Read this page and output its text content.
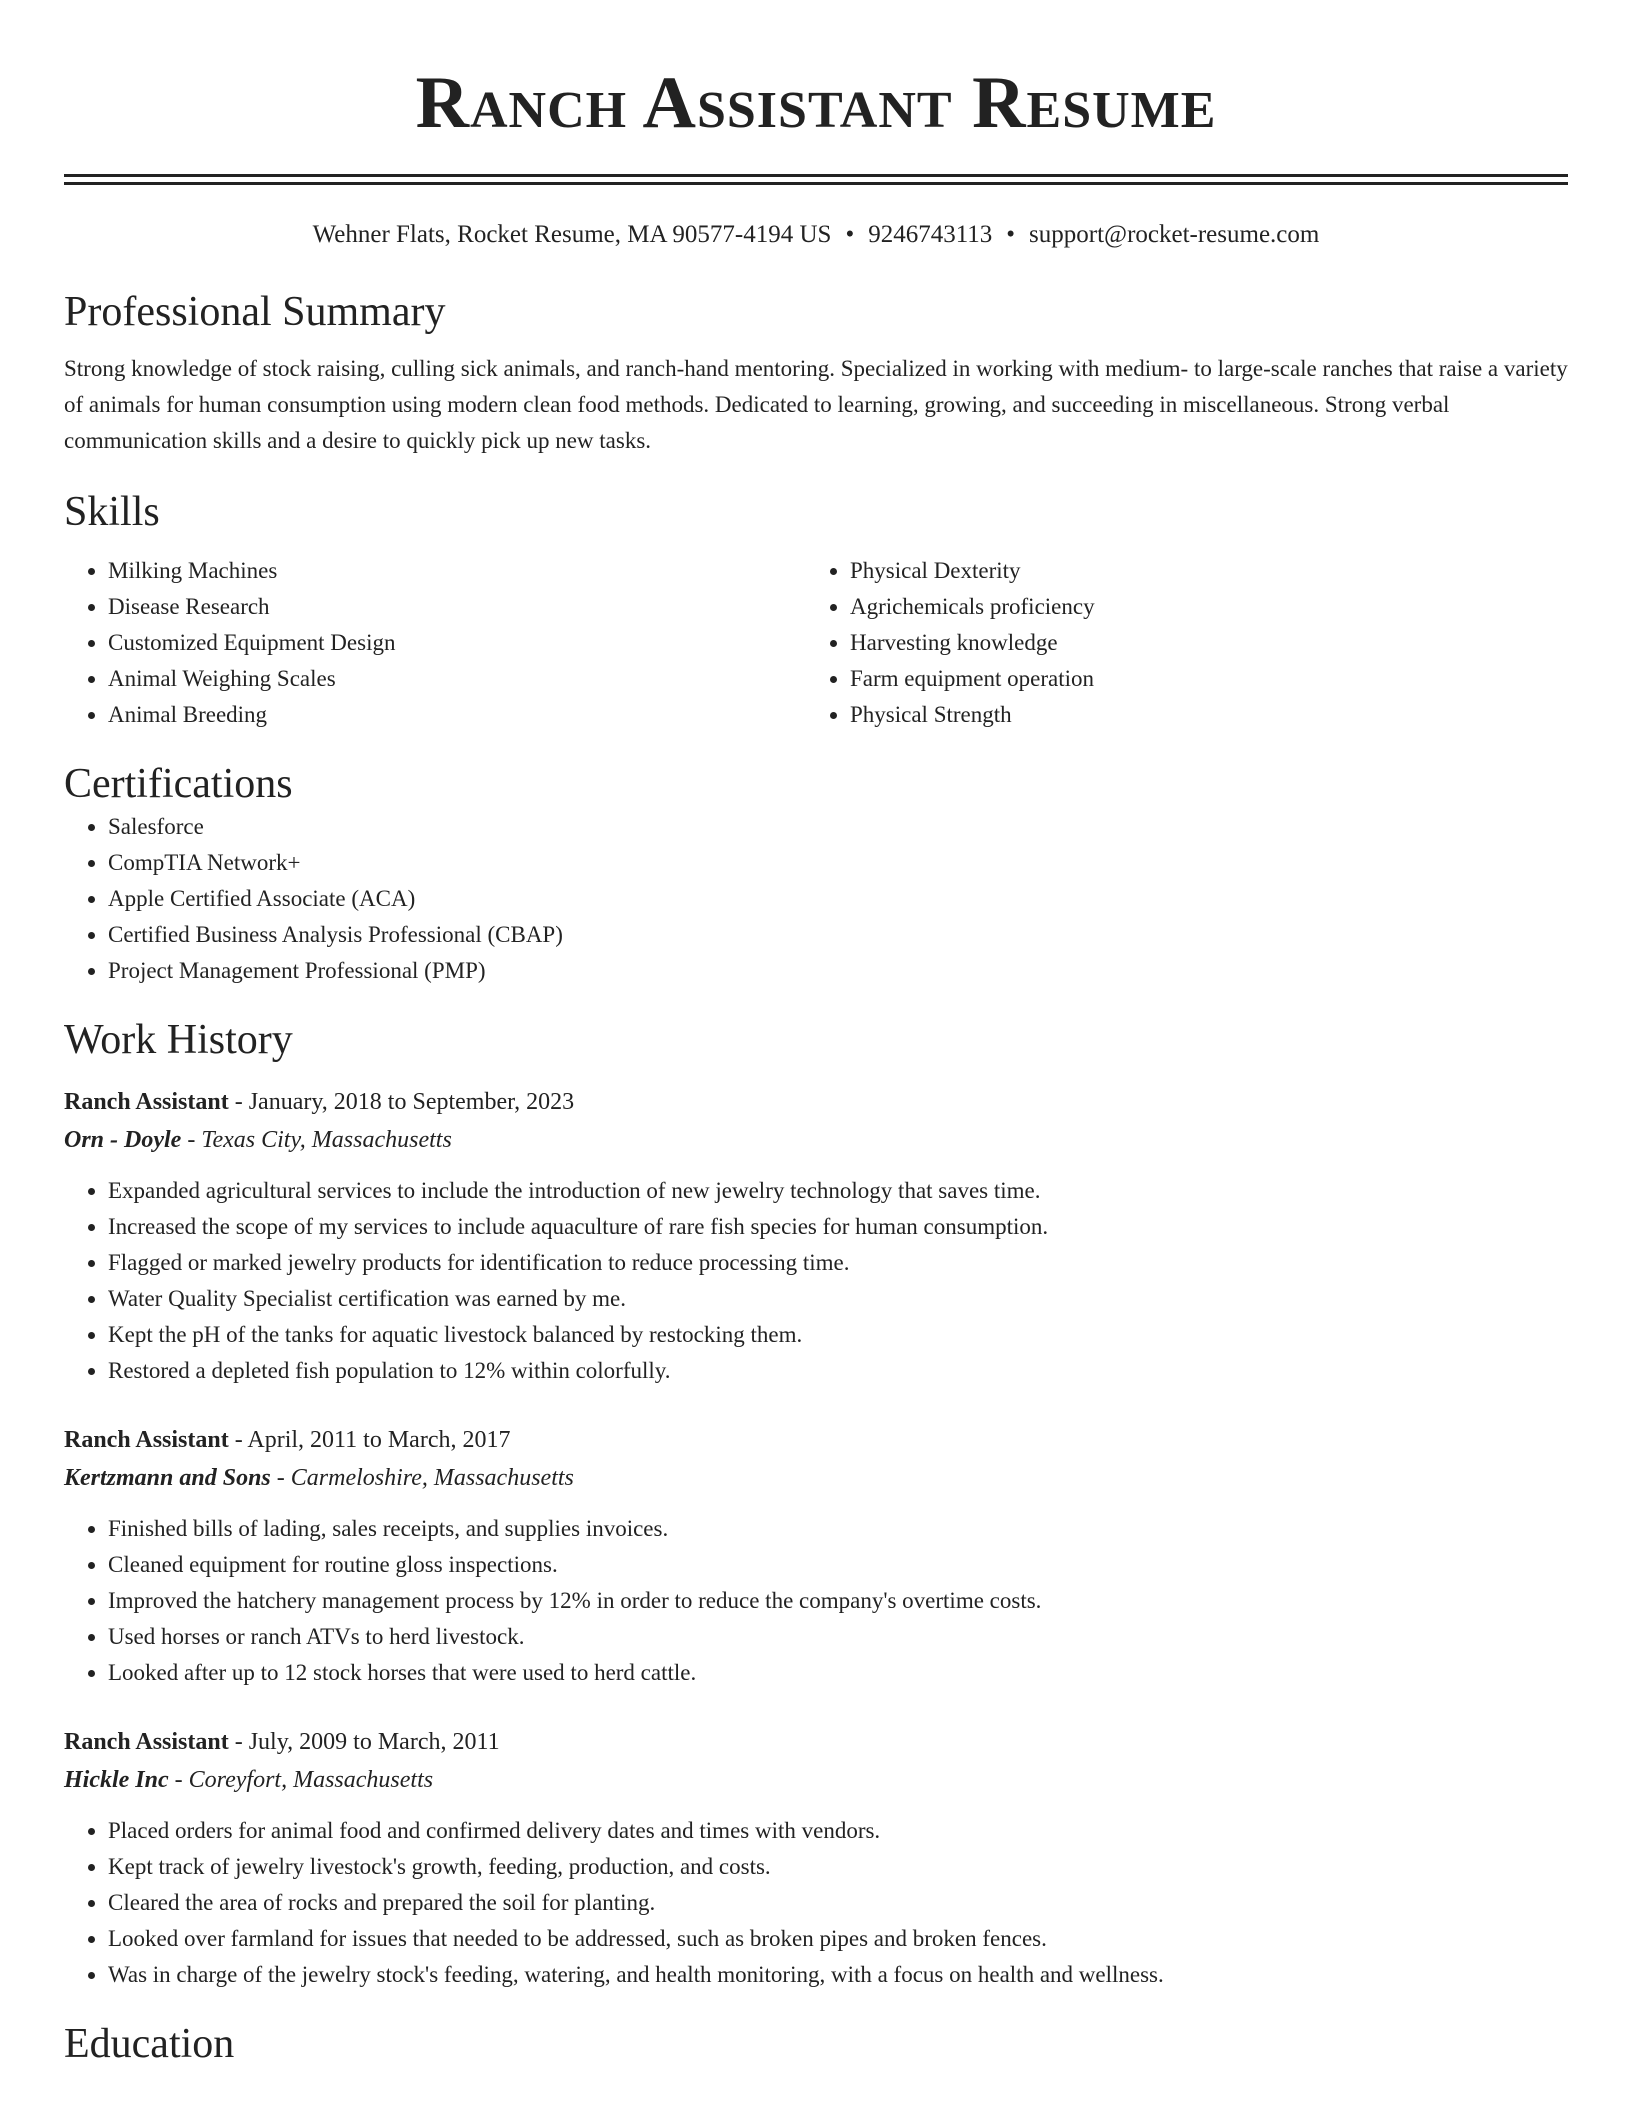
Ranch Assistant Resume
Wehner Flats, Rocket Resume, MA 90577-4194 US • 9246743113 • support@rocket-resume.com
Professional Summary

Strong knowledge of stock raising, culling sick animals, and ranch-hand mentoring. Specialized in working with medium- to large-scale ranches that raise a variety of animals for human consumption using modern clean food methods. Dedicated to learning, growing, and succeeding in miscellaneous. Strong verbal communication skills and a desire to quickly pick up new tasks.

Skills
• Milking Machines
• Disease Research
• Customized Equipment Design
• Animal Weighing Scales
• Animal Breeding
• Physical Dexterity
• Agrichemicals proficiency
• Harvesting knowledge
• Farm equipment operation
• Physical Strength
Certifications
• Salesforce
• CompTIA Network+
• Apple Certified Associate (ACA)
• Certified Business Analysis Professional (CBAP)
• Project Management Professional (PMP)
Work History
Ranch Assistant - January, 2018 to September, 2023
Orn - Doyle - Texas City, Massachusetts
• Expanded agricultural services to include the introduction of new jewelry technology that saves time.
• Increased the scope of my services to include aquaculture of rare fish species for human consumption.
• Flagged or marked jewelry products for identification to reduce processing time.
• Water Quality Specialist certification was earned by me.
• Kept the pH of the tanks for aquatic livestock balanced by restocking them.
• Restored a depleted fish population to 12% within colorfully.
Ranch Assistant - April, 2011 to March, 2017
Kertzmann and Sons - Carmeloshire, Massachusetts
• Finished bills of lading, sales receipts, and supplies invoices.
• Cleaned equipment for routine gloss inspections.
• Improved the hatchery management process by 12% in order to reduce the company's overtime costs.
• Used horses or ranch ATVs to herd livestock.
• Looked after up to 12 stock horses that were used to herd cattle.
Ranch Assistant - July, 2009 to March, 2011
Hickle Inc - Coreyfort, Massachusetts
• Placed orders for animal food and confirmed delivery dates and times with vendors.
• Kept track of jewelry livestock's growth, feeding, production, and costs.
• Cleared the area of rocks and prepared the soil for planting.
• Looked over farmland for issues that needed to be addressed, such as broken pipes and broken fences.
• Was in charge of the jewelry stock's feeding, watering, and health monitoring, with a focus on health and wellness.
Education
